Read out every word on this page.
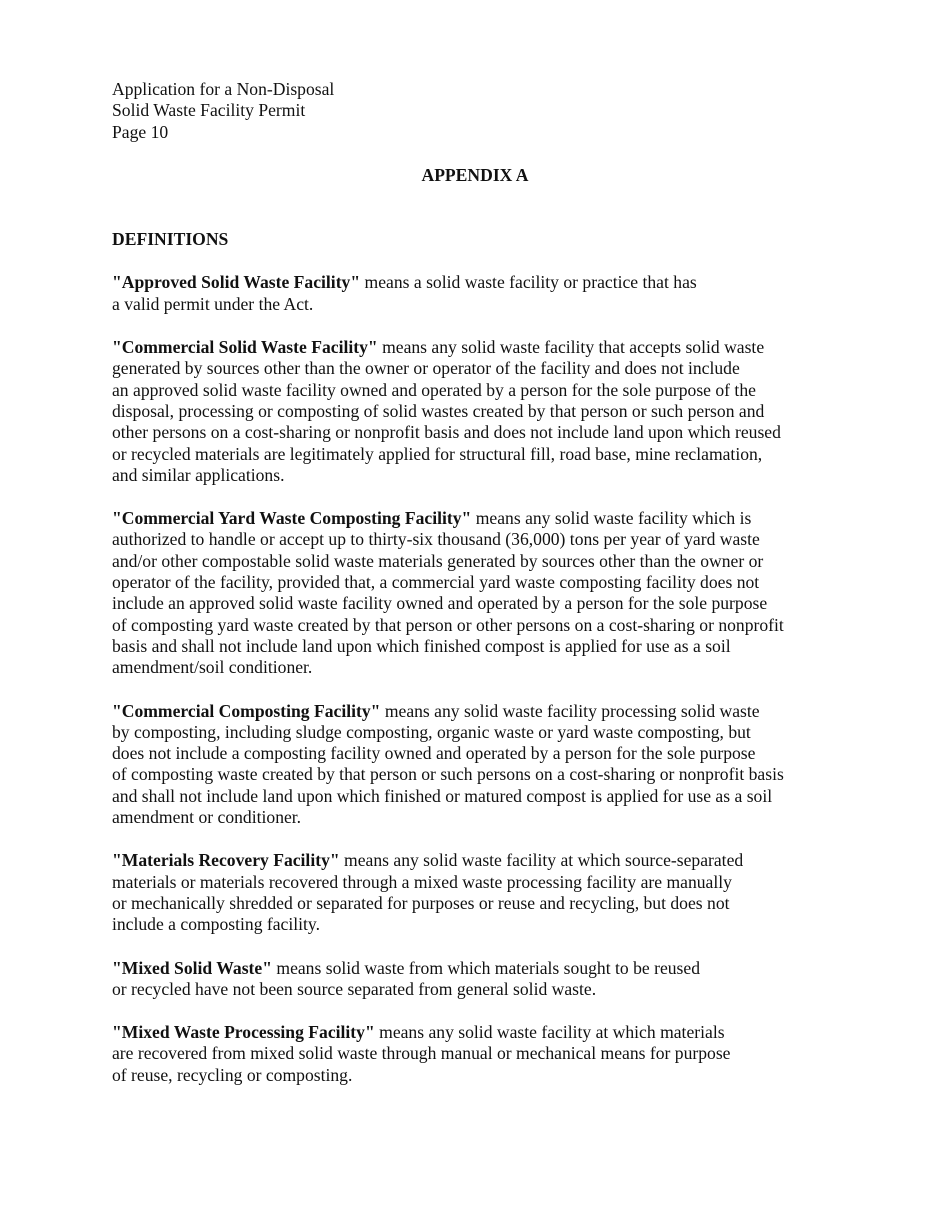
Application for a Non-Disposal
Solid Waste Facility Permit
Page 10
APPENDIX A
DEFINITIONS
"Approved Solid Waste Facility" means a solid waste facility or practice that has
a valid permit under the Act.
"Commercial Solid Waste Facility" means any solid waste facility that accepts solid waste
generated by sources other than the owner or operator of the facility and does not include
an approved solid waste facility owned and operated by a person for the sole purpose of the
disposal, processing or composting of solid wastes created by that person or such person and
other persons on a cost-sharing or nonprofit basis and does not include land upon which reused
or recycled materials are legitimately applied for structural fill, road base, mine reclamation,
and similar applications.
"Commercial Yard Waste Composting Facility" means any solid waste facility which is
authorized to handle or accept up to thirty-six thousand (36,000) tons per year of yard waste
and/or other compostable solid waste materials generated by sources other than the owner or
operator of the facility, provided that, a commercial yard waste composting facility does not
include an approved solid waste facility owned and operated by a person for the sole purpose
of composting yard waste created by that person or other persons on a cost-sharing or nonprofit
basis and shall not include land upon which finished compost is applied for use as a soil
amendment/soil conditioner.
"Commercial Composting Facility" means any solid waste facility processing solid waste
by composting, including sludge composting, organic waste or yard waste composting, but
does not include a composting facility owned and operated by a person for the sole purpose
of composting waste created by that person or such persons on a cost-sharing or nonprofit basis
and shall not include land upon which finished or matured compost is applied for use as a soil
amendment or conditioner.
"Materials Recovery Facility" means any solid waste facility at which source-separated
materials or materials recovered through a mixed waste processing facility are manually
or mechanically shredded or separated for purposes or reuse and recycling, but does not
include a composting facility.
"Mixed Solid Waste" means solid waste from which materials sought to be reused
or recycled have not been source separated from general solid waste.
"Mixed Waste Processing Facility" means any solid waste facility at which materials
are recovered from mixed solid waste through manual or mechanical means for purpose
of reuse, recycling or composting.
